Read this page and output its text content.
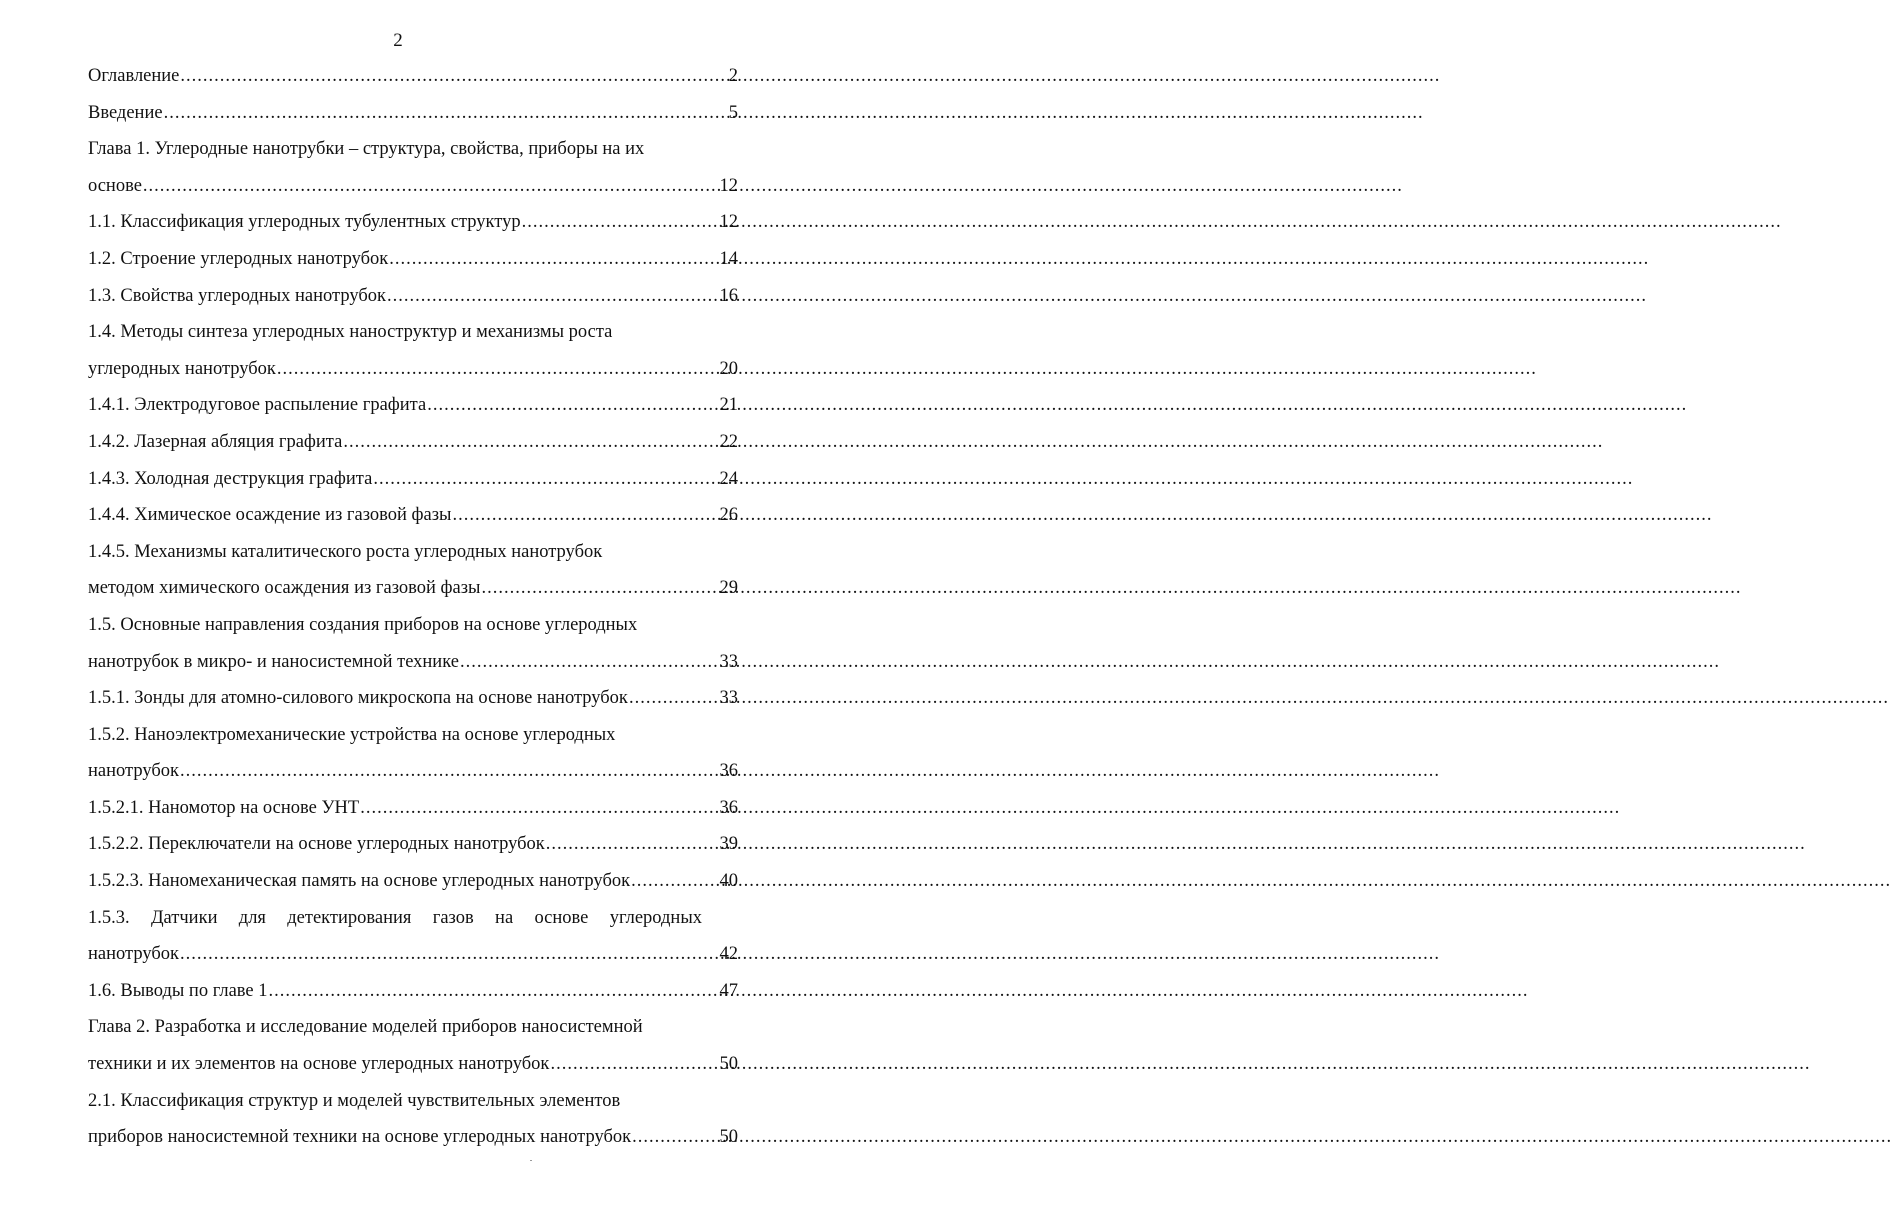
2
Оглавление .....	2
Введение .....	5
Глава 1. Углеродные нанотрубки – структура, свойства, приборы на их
основе .....	12
1.1. Классификация углеродных тубулентных структур .....	12
1.2. Строение углеродных нанотрубок .....	14
1.3. Свойства углеродных нанотрубок .....	16
1.4. Методы синтеза углеродных наноструктур и механизмы роста
углеродных нанотрубок .....	20
1.4.1. Электродуговое распыление графита .....	21
1.4.2. Лазерная абляция графита .....	22
1.4.3. Холодная деструкция графита .....	24
1.4.4. Химическое осаждение из газовой фазы .....	26
1.4.5. Механизмы каталитического роста углеродных нанотрубок
методом химического осаждения из газовой фазы .....	29
1.5. Основные направления создания приборов на основе углеродных
нанотрубок в микро- и наносистемной технике .....	33
1.5.1. Зонды для атомно-силового микроскопа на основе нанотрубок .....	33
1.5.2. Наноэлектромеханические устройства на основе углеродных
нанотрубок .....	36
1.5.2.1. Наномотор на основе УНТ .....	36
1.5.2.2. Переключатели на основе углеродных нанотрубок .....	39
1.5.2.3. Наномеханическая память на основе углеродных нанотрубок .....	40
1.5.3. Датчики для детектирования газов на основе углеродных
нанотрубок .....	42
1.6. Выводы по главе 1 .....	47
Глава 2. Разработка и исследование моделей приборов наносистемной
техники и их элементов на основе углеродных нанотрубок .....	50
2.1. Классификация структур и моделей чувствительных элементов
приборов наносистемной техники на основе углеродных нанотрубок .....	50
